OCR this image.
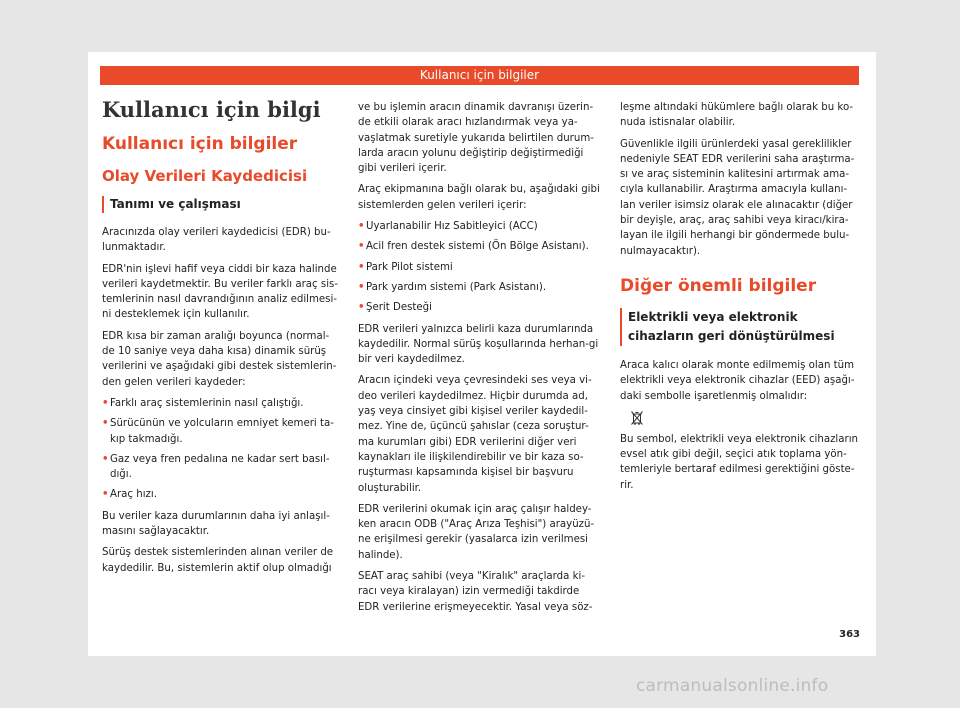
Kullanıcı için bilgiler
Kullanıcı için bilgi
Kullanıcı için bilgiler
Olay Verileri Kaydedicisi
Tanımı ve çalışması

Aracınızda olay verileri kaydedicisi (EDR) bu-lunmaktadır.

EDR'nin işlevi hafif veya ciddi bir kaza halinde verileri kaydetmektir. Bu veriler farklı araç sis-temlerinin nasıl davrandığının analiz edilmesi-ni desteklemek için kullanılır.

EDR kısa bir zaman aralığı boyunca (normal-de 10 saniye veya daha kısa) dinamik sürüş verilerini ve aşağıdaki gibi destek sistemlerin-den gelen verileri kaydeder:

• Farklı araç sistemlerinin nasıl çalıştığı.
• Sürücünün ve yolcuların emniyet kemeri ta-kıp takmadığı.
• Gaz veya fren pedalına ne kadar sert basıl-dığı.
• Araç hızı.

Bu veriler kaza durumlarının daha iyi anlaşıl-masını sağlayacaktır.

Sürüş destek sistemlerinden alınan veriler de kaydedilir. Bu, sistemlerin aktif olup olmadığı

ve bu işlemin aracın dinamik davranışı üzerin-de etkili olarak aracı hızlandırmak veya ya-vaşlatmak suretiyle yukarıda belirtilen durum-larda aracın yolunu değiştirip değiştirmediği gibi verileri içerir.

Araç ekipmanına bağlı olarak bu, aşağıdaki gibi sistemlerden gelen verileri içerir:

• Uyarlanabilir Hız Sabitleyici (ACC)
• Acil fren destek sistemi (Ön Bölge Asistanı).
• Park Pilot sistemi
• Park yardım sistemi (Park Asistanı).
• Şerit Desteği

EDR verileri yalnızca belirli kaza durumlarında kaydedilir. Normal sürüş koşullarında herhan-gi bir veri kaydedilmez.

Aracın içindeki veya çevresindeki ses veya vi-deo verileri kaydedilmez. Hiçbir durumda ad, yaş veya cinsiyet gibi kişisel veriler kaydedil-mez. Yine de, üçüncü şahıslar (ceza soruştur-ma kurumları gibi) EDR verilerini diğer veri kaynakları ile ilişkilendirebilir ve bir kaza so-ruşturması kapsamında kişisel bir başvuru oluşturabilir.

EDR verilerini okumak için araç çalışır haldey-ken aracın ODB ("Araç Arıza Teşhisi") arayüzü-ne erişilmesi gerekir (yasalarca izin verilmesi halinde).

SEAT araç sahibi (veya "Kiralık" araçlarda ki-racı veya kiralayan) izin vermediği takdirde EDR verilerine erişmeyecektir. Yasal veya söz-

leşme altındaki hükümlere bağlı olarak bu ko-nuda istisnalar olabilir.

Güvenlikle ilgili ürünlerdeki yasal gereklilikler nedeniyle SEAT EDR verilerini saha araştırma-sı ve araç sisteminin kalitesini artırmak ama-cıyla kullanabilir. Araştırma amacıyla kullanı-lan veriler isimsiz olarak ele alınacaktır (diğer bir deyişle, araç, araç sahibi veya kiracı/kira-layan ile ilgili herhangi bir göndermede bulu-nulmayacaktır).

Diğer önemli bilgiler
Elektrikli veya elektronik cihazların geri dönüştürülmesi

Araca kalıcı olarak monte edilmemiş olan tüm elektrikli veya elektronik cihazlar (EED) aşağı-daki sembolle işaretlenmiş olmalıdır:

Bu sembol, elektrikli veya elektronik cihazların evsel atık gibi değil, seçici atık toplama yön-temleriyle bertaraf edilmesi gerektiğini göste-rir.

363
carmanualsonline.info
